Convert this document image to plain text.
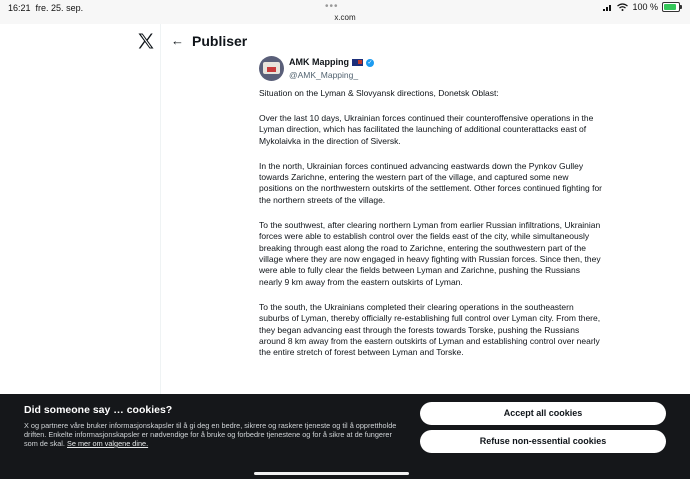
16:21 fre. 25. sep.	•••
x.com
100 %
← Publiser
AMK Mapping	✓
@AMK_Mapping_

Situation on the Lyman & Slovyansk directions, Donetsk Oblast:

Over the last 10 days, Ukrainian forces continued their counteroffensive operations in the Lyman direction, which has facilitated the launching of additional counterattacks east of Mykolaivka in the direction of Siversk.

In the north, Ukrainian forces continued advancing eastwards down the Pynkov Gulley towards Zarichne, entering the western part of the village, and captured some new positions on the northwestern outskirts of the settlement. Other forces continued fighting for the northern streets of the village.

To the southwest, after clearing northern Lyman from earlier Russian infiltrations, Ukrainian forces were able to establish control over the fields east of the city, while simultaneously breaking through east along the road to Zarichne, entering the southwestern part of the village where they are now engaged in heavy fighting with Russian forces. Since then, they were able to fully clear the fields between Lyman and Zarichne, pushing the Russians nearly 9 km away from the eastern outskirts of Lyman.

To the south, the Ukrainians completed their clearing operations in the southeastern suburbs of Lyman, thereby officially re-establishing full control over Lyman city. From there, they began advancing east through the forests towards Torske, pushing the Russians around 8 km away from the eastern outskirts of Lyman and establishing control over nearly the entire stretch of forest between Lyman and Torske.

Did someone say … cookies?
X og partnere våre bruker informasjonskapsler til å gi deg en bedre, sikrere og raskere tjeneste og til å opprettholde driften. Enkelte informasjonskapsler er nødvendige for å bruke og forbedre tjenestene og for å sikre at de fungerer som de skal. Se mer om valgene dine.
Accept all cookies
Refuse non-essential cookies
